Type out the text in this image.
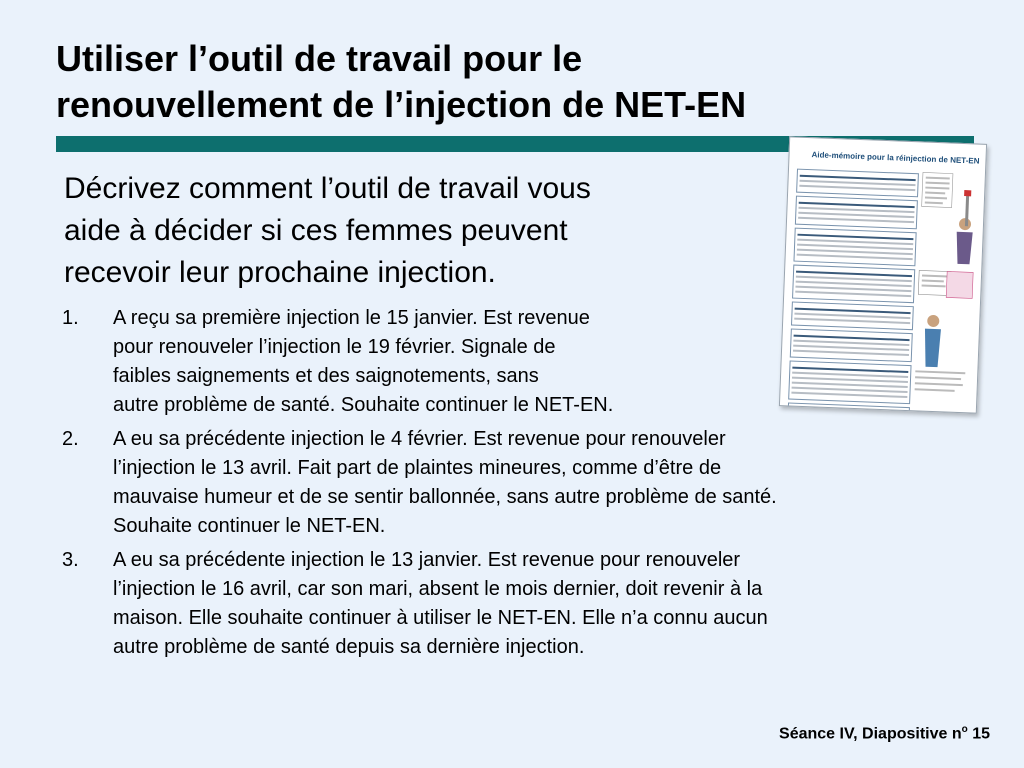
Utiliser l’outil de travail pour le
renouvellement de l’injection de NET-EN
Aide-mémoire pour la réinjection de NET-EN
Décrivez comment l’outil de travail vous
aide à décider si ces femmes peuvent
recevoir leur prochaine injection.
1. A reçu sa première injection le 15 janvier. Est revenue
pour renouveler l’injection le 19 février. Signale de
faibles saignements et des saignotements, sans
autre problème de santé. Souhaite continuer le NET-EN.
2. A eu sa précédente injection le 4 février. Est revenue pour renouveler
l’injection le 13 avril. Fait part de plaintes mineures, comme d’être de
mauvaise humeur et de se sentir ballonnée, sans autre problème de santé.
Souhaite continuer le NET-EN.
3. A eu sa précédente injection le 13 janvier. Est revenue pour renouveler
l’injection le 16 avril, car son mari, absent le mois dernier, doit revenir à la
maison. Elle souhaite continuer à utiliser le NET-EN. Elle n’a connu aucun
autre problème de santé depuis sa dernière injection.
Séance IV, Diapositive $n^o$ 15
